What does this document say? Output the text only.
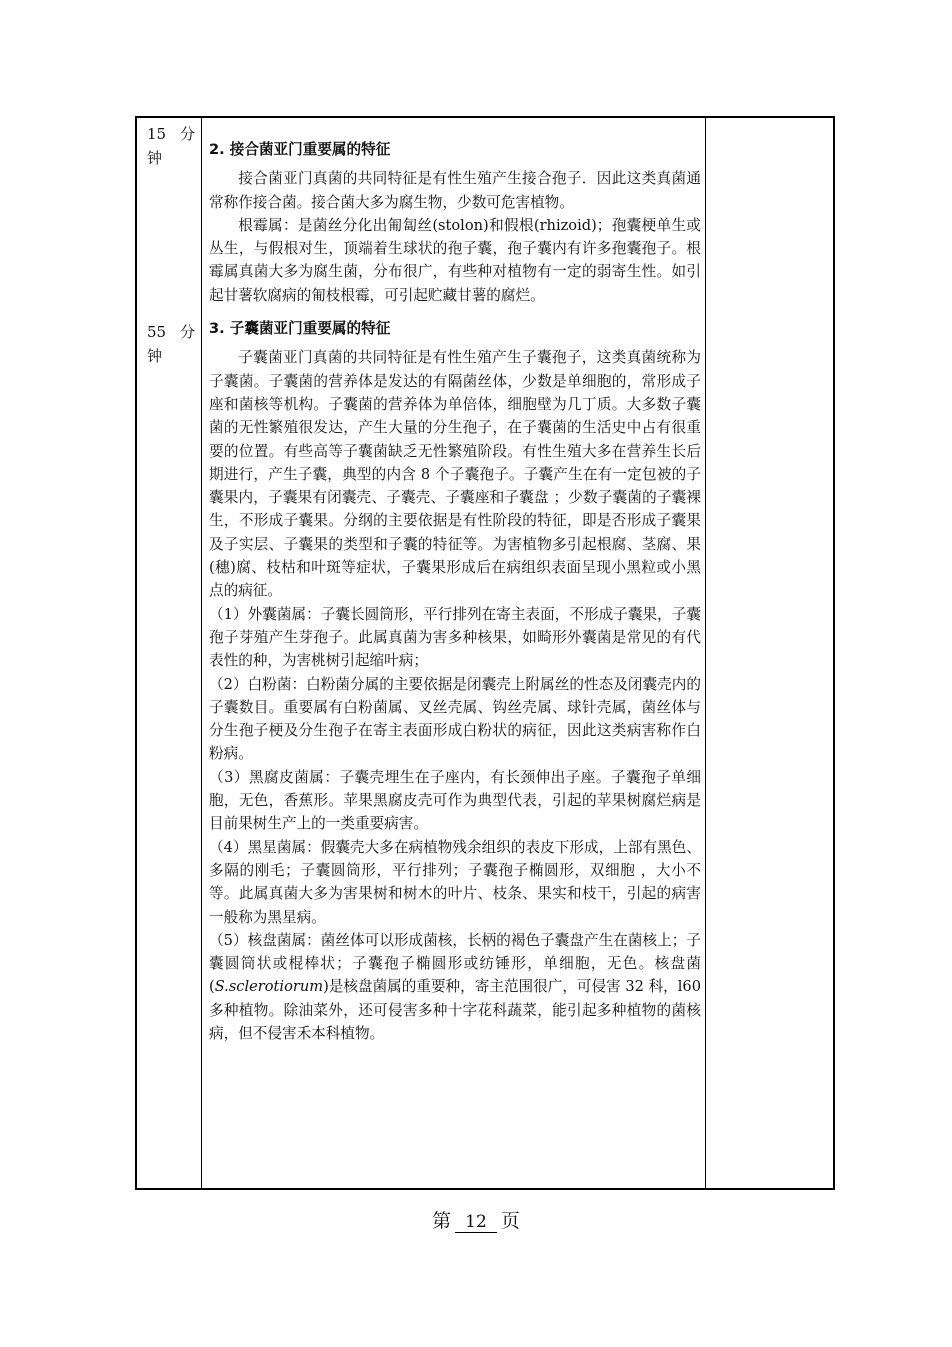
15 分
钟
55 分
钟

2. 接合菌亚门重要属的特征

接合菌亚门真菌的共同特征是有性生殖产生接合孢子．因此这类真菌通常称作接合菌。接合菌大多为腐生物，少数可危害植物。

根霉属：是菌丝分化出匍匐丝(stolon)和假根(rhizoid)；孢囊梗单生或丛生，与假根对生，顶端着生球状的孢子囊，孢子囊内有许多孢囊孢子。根霉属真菌大多为腐生菌，分布很广，有些种对植物有一定的弱寄生性。如引起甘薯软腐病的匍枝根霉，可引起贮藏甘薯的腐烂。

3. 子囊菌亚门重要属的特征

子囊菌亚门真菌的共同特征是有性生殖产生子囊孢子，这类真菌统称为子囊菌。子囊菌的营养体是发达的有隔菌丝体，少数是单细胞的，常形成子座和菌核等机构。子囊菌的营养体为单倍体，细胞壁为几丁质。大多数子囊菌的无性繁殖很发达，产生大量的分生孢子，在子囊菌的生活史中占有很重要的位置。有些高等子囊菌缺乏无性繁殖阶段。有性生殖大多在营养生长后期进行，产生子囊，典型的内含 8 个子囊孢子。子囊产生在有一定包被的子囊果内，子囊果有闭囊壳、子囊壳、子囊座和子囊盘 ；少数子囊菌的子囊裸生，不形成子囊果。分纲的主要依据是有性阶段的特征，即是否形成子囊果及子实层、子囊果的类型和子囊的特征等。为害植物多引起根腐、茎腐、果(穗)腐、枝枯和叶斑等症状，子囊果形成后在病组织表面呈现小黑粒或小黑点的病征。

（1）外囊菌属：子囊长圆筒形，平行排列在寄主表面，不形成子囊果，子囊孢子芽殖产生芽孢子。此属真菌为害多种核果，如畸形外囊菌是常见的有代表性的种，为害桃树引起缩叶病；

（2）白粉菌：白粉菌分属的主要依据是闭囊壳上附属丝的性态及闭囊壳内的子囊数目。重要属有白粉菌属、叉丝壳属、钩丝壳属、球针壳属，菌丝体与分生孢子梗及分生孢子在寄主表面形成白粉状的病征，因此这类病害称作白粉病。

（3）黑腐皮菌属：子囊壳埋生在子座内，有长颈伸出子座。子囊孢子单细胞，无色，香蕉形。苹果黑腐皮壳可作为典型代表，引起的苹果树腐烂病是目前果树生产上的一类重要病害。

（4）黑星菌属：假囊壳大多在病植物残余组织的表皮下形成，上部有黑色、多隔的刚毛；子囊圆筒形，平行排列；子囊孢子椭圆形，双细胞 ，大小不等。此属真菌大多为害果树和树木的叶片、枝条、果实和枝干，引起的病害一般称为黑星病。

（5）核盘菌属：菌丝体可以形成菌核，长柄的褐色子囊盘产生在菌核上；子囊圆筒状或棍棒状；子囊孢子椭圆形或纺锤形，单细胞，无色。核盘菌(S.sclerotiorum)是核盘菌属的重要种，寄主范围很广，可侵害 32 科，l60 多种植物。除油菜外，还可侵害多种十字花科蔬菜，能引起多种植物的菌核病，但不侵害禾本科植物。

第 12 页
